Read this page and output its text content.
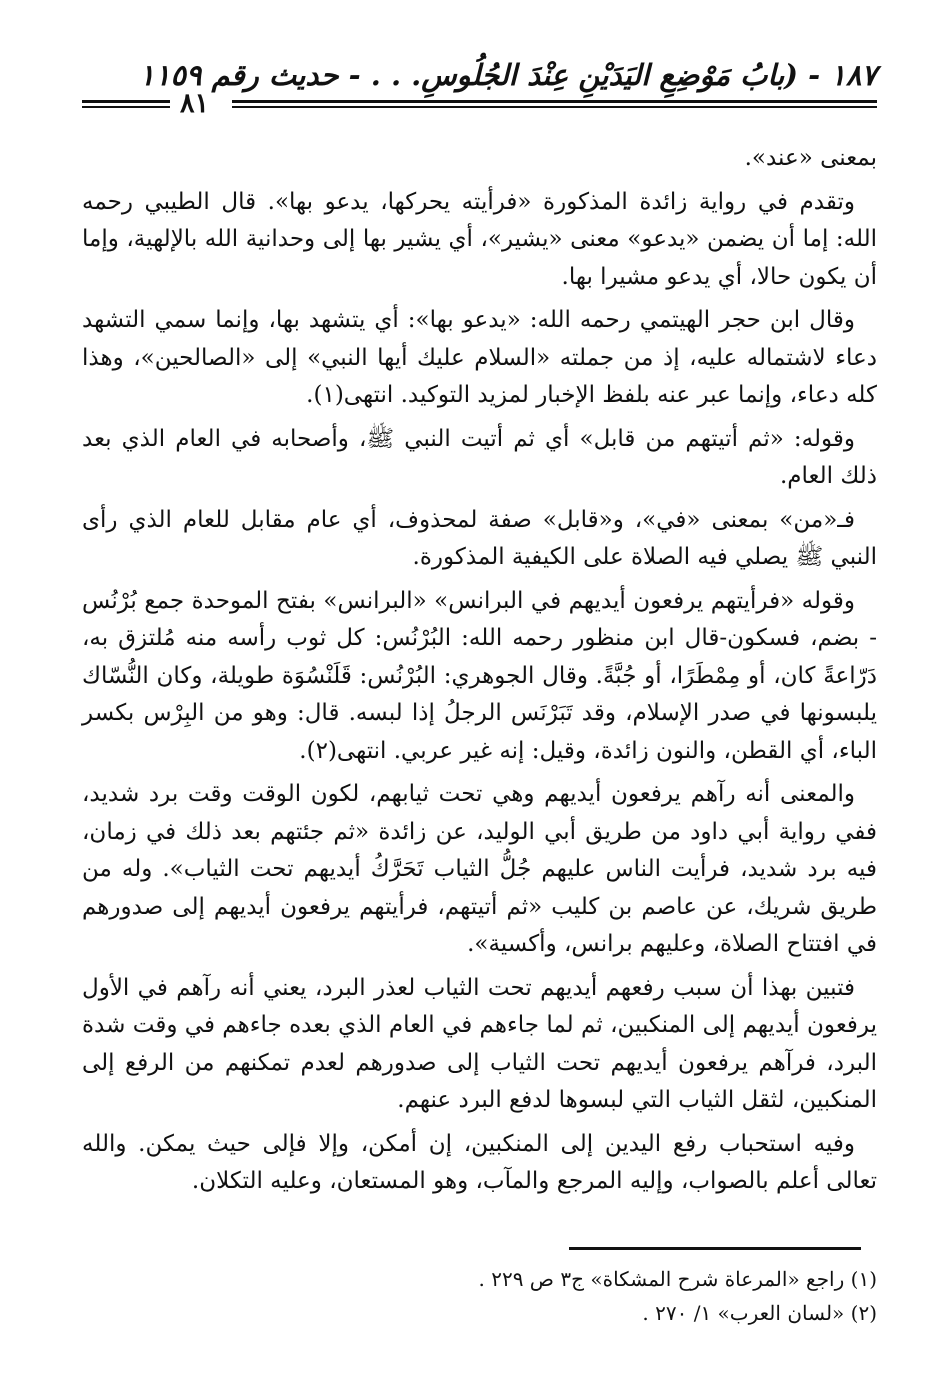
١٨٧ - (بابُ مَوْضِعِ اليَدَيْنِ عِنْدَ الجُلُوسِ. . . - حديث رقم ١١٥٩
٨١

بمعنى «عند».

وتقدم في رواية زائدة المذكورة «فرأيته يحركها، يدعو بها». قال الطيبي رحمه الله: إما أن يضمن «يدعو» معنى «يشير»، أي يشير بها إلى وحدانية الله بالإلهية، وإما أن يكون حالا، أي يدعو مشيرا بها.

وقال ابن حجر الهيتمي رحمه الله: «يدعو بها»: أي يتشهد بها، وإنما سمي التشهد دعاء لاشتماله عليه، إذ من جملته «السلام عليك أيها النبي» إلى «الصالحين»، وهذا كله دعاء، وإنما عبر عنه بلفظ الإخبار لمزيد التوكيد. انتهى(١).

وقوله: «ثم أتيتهم من قابل» أي ثم أتيت النبي ﷺ، وأصحابه في العام الذي بعد ذلك العام.

فـ«من» بمعنى «في»، و«قابل» صفة لمحذوف، أي عام مقابل للعام الذي رأى النبي ﷺ يصلي فيه الصلاة على الكيفية المذكورة.

وقوله «فرأيتهم يرفعون أيديهم في البرانس» «البرانس» بفتح الموحدة جمع بُرْنُس - بضم، فسكون-قال ابن منظور رحمه الله: البُرْنُس: كل ثوب رأسه منه مُلتزق به، دَرّاعةً كان، أو مِمْطَرًا، أو جُبَّةً. وقال الجوهري: البُرْنُس: قَلَنْسُوَة طويلة، وكان النُّسّاك يلبسونها في صدر الإسلام، وقد تَبَرْنَس الرجلُ إذا لبسه. قال: وهو من البِرْس بكسر الباء، أي القطن، والنون زائدة، وقيل: إنه غير عربي. انتهى(٢).

والمعنى أنه رآهم يرفعون أيديهم وهي تحت ثيابهم، لكون الوقت وقت برد شديد، ففي رواية أبي داود من طريق أبي الوليد، عن زائدة «ثم جئتهم بعد ذلك في زمان، فيه برد شديد، فرأيت الناس عليهم جُلُّ الثياب تَحَرَّكُ أيديهم تحت الثياب». وله من طريق شريك، عن عاصم بن كليب «ثم أتيتهم، فرأيتهم يرفعون أيديهم إلى صدورهم في افتتاح الصلاة، وعليهم برانس، وأكسية».

فتبين بهذا أن سبب رفعهم أيديهم تحت الثياب لعذر البرد، يعني أنه رآهم في الأول يرفعون أيديهم إلى المنكبين، ثم لما جاءهم في العام الذي بعده جاءهم في وقت شدة البرد، فرآهم يرفعون أيديهم تحت الثياب إلى صدورهم لعدم تمكنهم من الرفع إلى المنكبين، لثقل الثياب التي لبسوها لدفع البرد عنهم.

وفيه استحباب رفع اليدين إلى المنكبين، إن أمكن، وإلا فإلى حيث يمكن. والله تعالى أعلم بالصواب، وإليه المرجع والمآب، وهو المستعان، وعليه التكلان.

(١) راجع «المرعاة شرح المشكاة» ج٣ ص ٢٢٩ .
(٢) «لسان العرب» ١/ ٢٧٠ .
